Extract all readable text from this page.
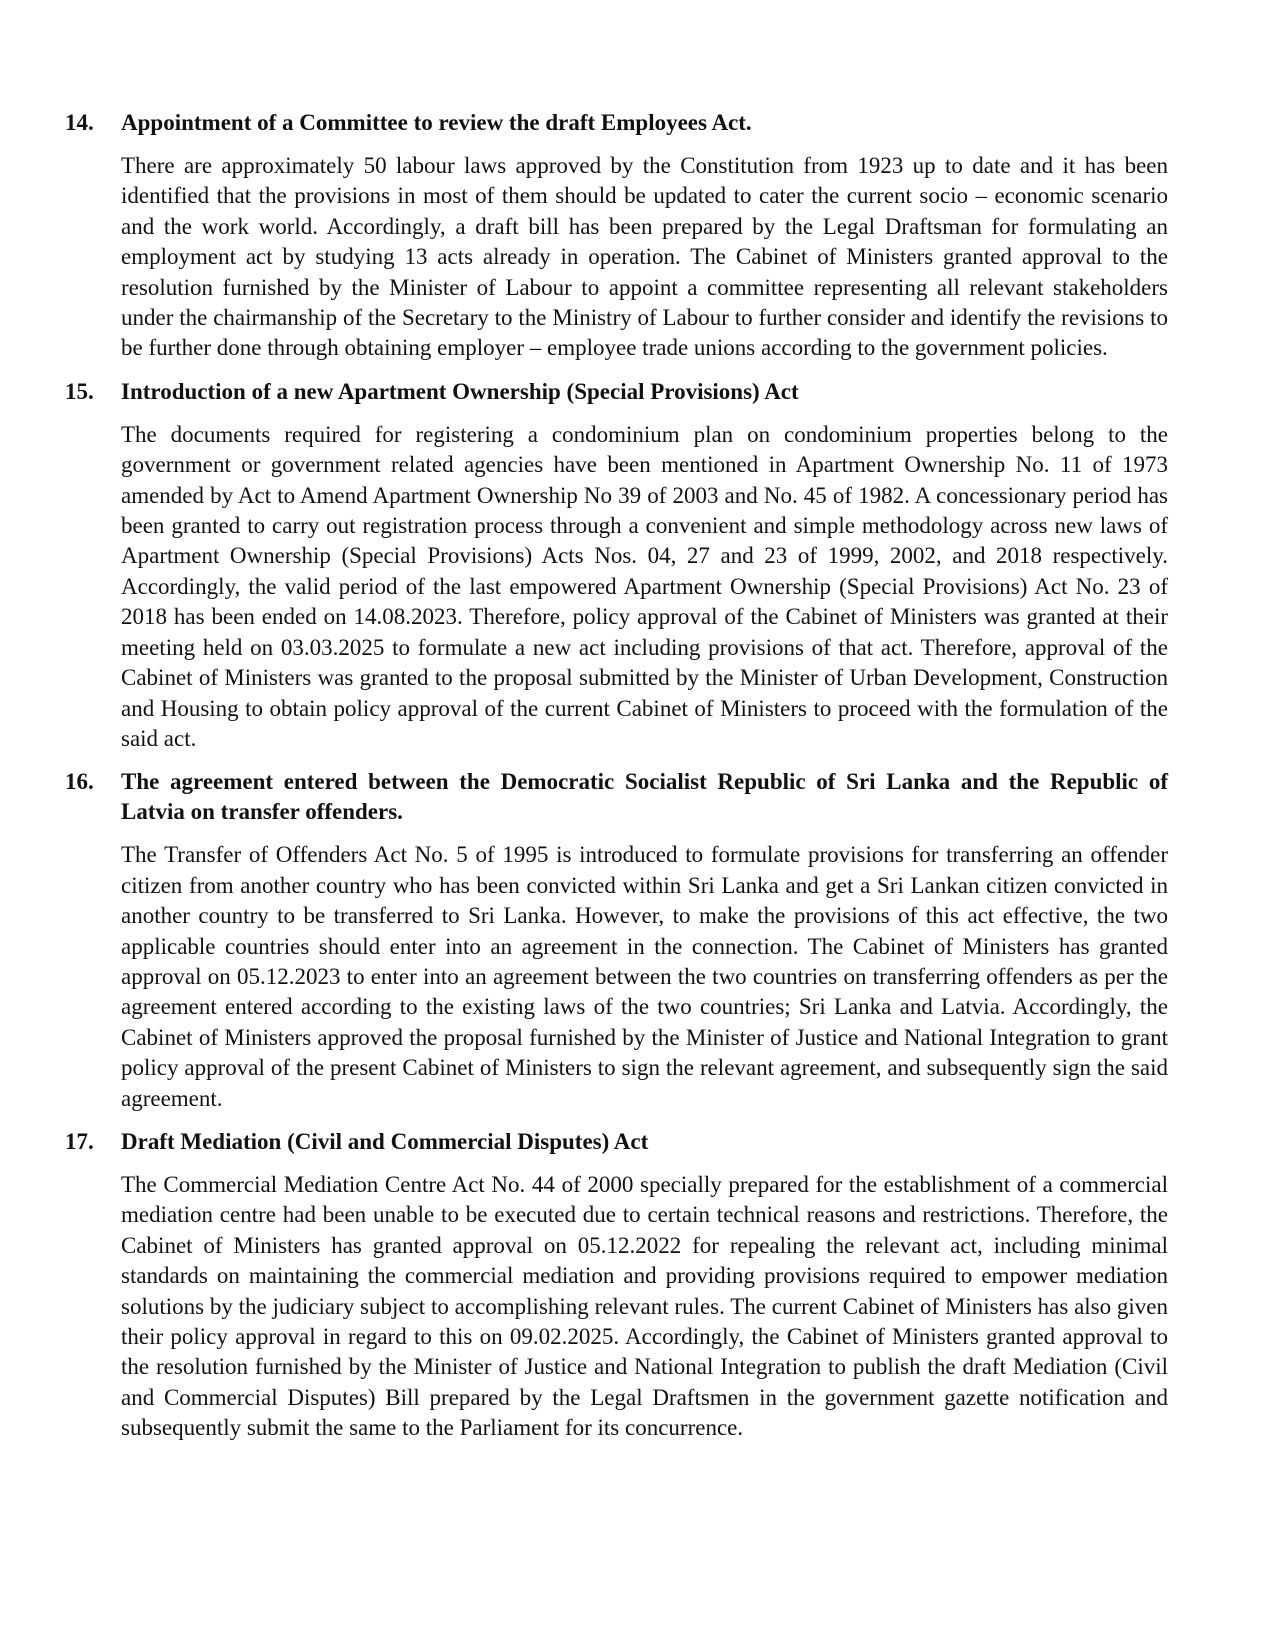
14.	Appointment of a Committee to review the draft Employees Act.

There are approximately 50 labour laws approved by the Constitution from 1923 up to date and it has been identified that the provisions in most of them should be updated to cater the current socio – economic scenario and the work world. Accordingly, a draft bill has been prepared by the Legal Draftsman for formulating an employment act by studying 13 acts already in operation. The Cabinet of Ministers granted approval to the resolution furnished by the Minister of Labour to appoint a committee representing all relevant stakeholders under the chairmanship of the Secretary to the Ministry of Labour to further consider and identify the revisions to be further done through obtaining employer – employee trade unions according to the government policies.

15.	Introduction of a new Apartment Ownership (Special Provisions) Act

The documents required for registering a condominium plan on condominium properties belong to the government or government related agencies have been mentioned in Apartment Ownership No. 11 of 1973 amended by Act to Amend Apartment Ownership No 39 of 2003 and No. 45 of 1982. A concessionary period has been granted to carry out registration process through a convenient and simple methodology across new laws of Apartment Ownership (Special Provisions) Acts Nos. 04, 27 and 23 of 1999, 2002, and 2018 respectively. Accordingly, the valid period of the last empowered Apartment Ownership (Special Provisions) Act No. 23 of 2018 has been ended on 14.08.2023. Therefore, policy approval of the Cabinet of Ministers was granted at their meeting held on 03.03.2025 to formulate a new act including provisions of that act. Therefore, approval of the Cabinet of Ministers was granted to the proposal submitted by the Minister of Urban Development, Construction and Housing to obtain policy approval of the current Cabinet of Ministers to proceed with the formulation of the said act.

16.	The agreement entered between the Democratic Socialist Republic of Sri Lanka and the Republic of Latvia on transfer offenders.

The Transfer of Offenders Act No. 5 of 1995 is introduced to formulate provisions for transferring an offender citizen from another country who has been convicted within Sri Lanka and get a Sri Lankan citizen convicted in another country to be transferred to Sri Lanka. However, to make the provisions of this act effective, the two applicable countries should enter into an agreement in the connection. The Cabinet of Ministers has granted approval on 05.12.2023 to enter into an agreement between the two countries on transferring offenders as per the agreement entered according to the existing laws of the two countries; Sri Lanka and Latvia. Accordingly, the Cabinet of Ministers approved the proposal furnished by the Minister of Justice and National Integration to grant policy approval of the present Cabinet of Ministers to sign the relevant agreement, and subsequently sign the said agreement.

17.	Draft Mediation (Civil and Commercial Disputes) Act

The Commercial Mediation Centre Act No. 44 of 2000 specially prepared for the establishment of a commercial mediation centre had been unable to be executed due to certain technical reasons and restrictions. Therefore, the Cabinet of Ministers has granted approval on 05.12.2022 for repealing the relevant act, including minimal standards on maintaining the commercial mediation and providing provisions required to empower mediation solutions by the judiciary subject to accomplishing relevant rules. The current Cabinet of Ministers has also given their policy approval in regard to this on 09.02.2025. Accordingly, the Cabinet of Ministers granted approval to the resolution furnished by the Minister of Justice and National Integration to publish the draft Mediation (Civil and Commercial Disputes) Bill prepared by the Legal Draftsmen in the government gazette notification and subsequently submit the same to the Parliament for its concurrence.
